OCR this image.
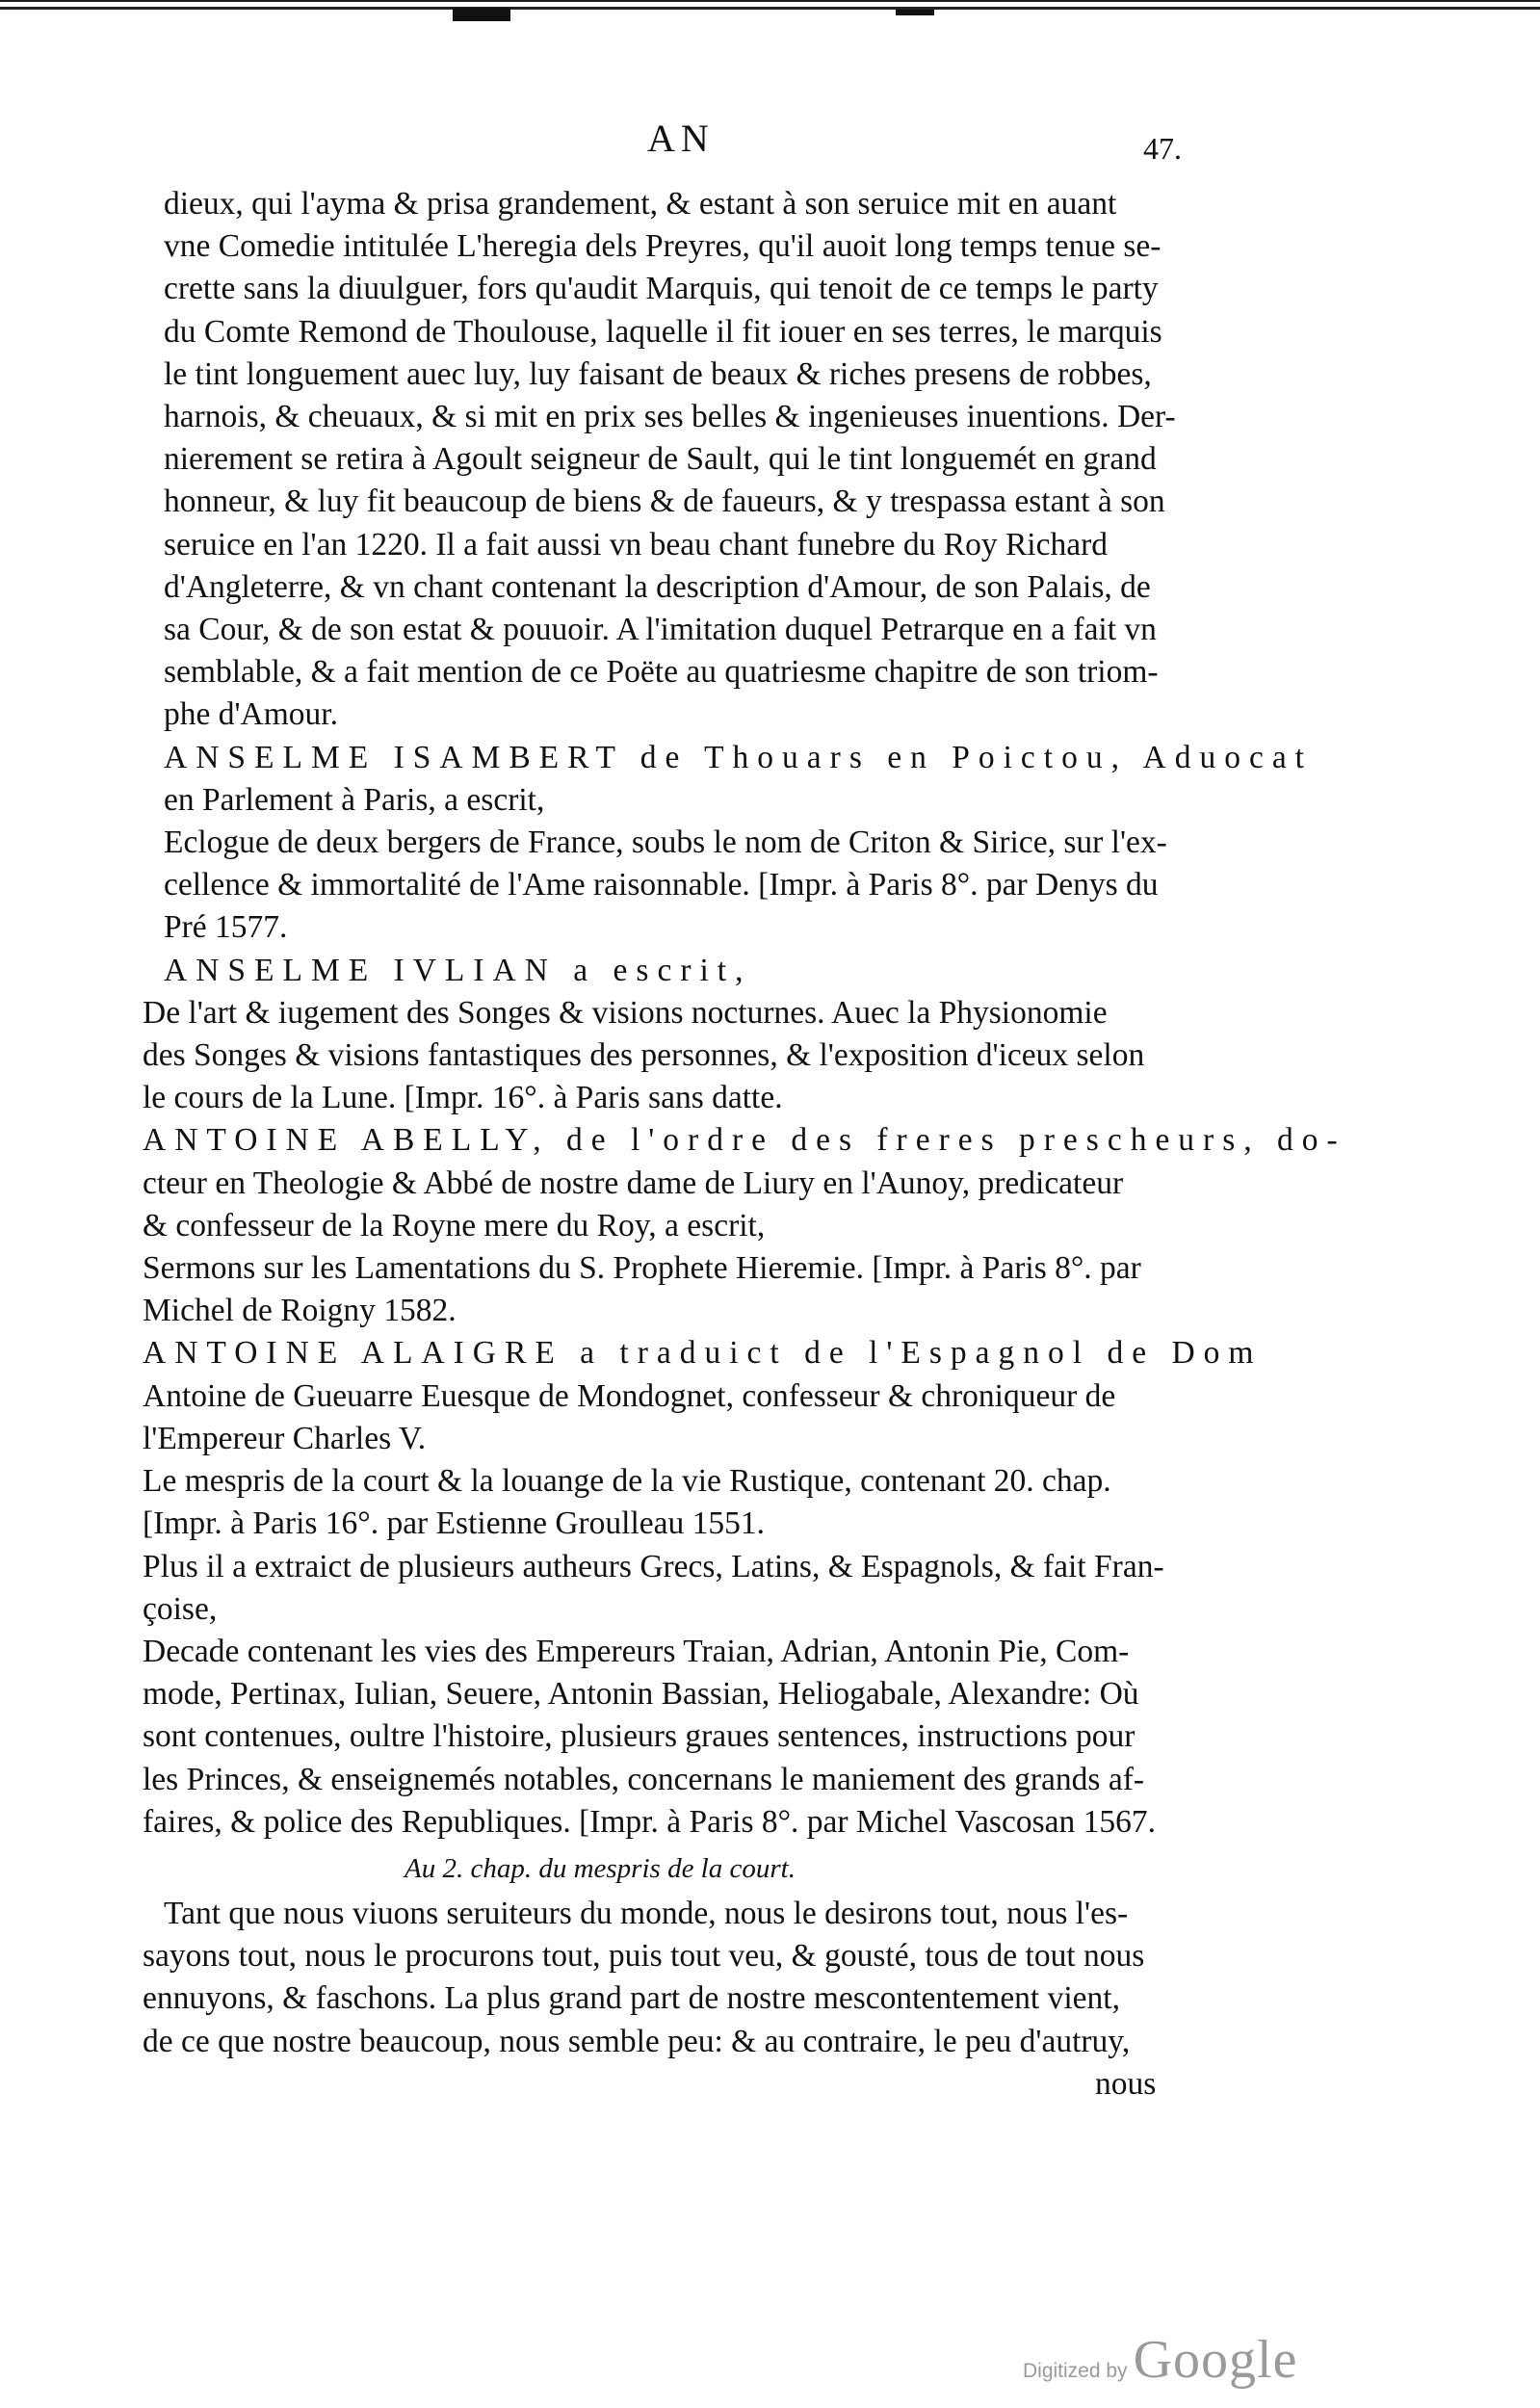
AN	47.

dieux, qui l'ayma & prisa grandement, & estant à son seruice mit en auant

vne Comedie intitulée L'heregia dels Preyres, qu'il auoit long temps tenue se-

crette sans la diuulguer, fors qu'audit Marquis, qui tenoit de ce temps le party

du Comte Remond de Thoulouse, laquelle il fit iouer en ses terres, le marquis

le tint longuement auec luy, luy faisant de beaux & riches presens de robbes,

harnois, & cheuaux, & si mit en prix ses belles & ingenieuses inuentions. Der-

nierement se retira à Agoult seigneur de Sault, qui le tint longuemét en grand

honneur, & luy fit beaucoup de biens & de faueurs, & y trespassa estant à son

seruice en l'an 1220. Il a fait aussi vn beau chant funebre du Roy Richard

d'Angleterre, & vn chant contenant la description d'Amour, de son Palais, de

sa Cour, & de son estat & pouuoir. A l'imitation duquel Petrarque en a fait vn

semblable, & a fait mention de ce Poëte au quatriesme chapitre de son triom-

phe d'Amour.

ANSELME ISAMBERT de Thouars en Poictou, Aduocat

en Parlement à Paris, a escrit,

Eclogue de deux bergers de France, soubs le nom de Criton & Sirice, sur l'ex-

cellence & immortalité de l'Ame raisonnable. [Impr. à Paris 8°. par Denys du

Pré 1577.

ANSELME IVLIAN a escrit,

De l'art & iugement des Songes & visions nocturnes. Auec la Physionomie

des Songes & visions fantastiques des personnes, & l'exposition d'iceux selon

le cours de la Lune. [Impr. 16°. à Paris sans datte.

ANTOINE ABELLY, de l'ordre des freres prescheurs, do-

cteur en Theologie & Abbé de nostre dame de Liury en l'Aunoy, predicateur

& confesseur de la Royne mere du Roy, a escrit,

Sermons sur les Lamentations du S. Prophete Hieremie. [Impr. à Paris 8°. par

Michel de Roigny 1582.

ANTOINE ALAIGRE a traduict de l'Espagnol de Dom

Antoine de Gueuarre Euesque de Mondognet, confesseur & chroniqueur de

l'Empereur Charles V.

Le mespris de la court & la louange de la vie Rustique, contenant 20. chap.

[Impr. à Paris 16°. par Estienne Groulleau 1551.

Plus il a extraict de plusieurs autheurs Grecs, Latins, & Espagnols, & fait Fran-

çoise,

Decade contenant les vies des Empereurs Traian, Adrian, Antonin Pie, Com-

mode, Pertinax, Iulian, Seuere, Antonin Bassian, Heliogabale, Alexandre: Où

sont contenues, oultre l'histoire, plusieurs graues sentences, instructions pour

les Princes, & enseignemés notables, concernans le maniement des grands af-

faires, & police des Republiques. [Impr. à Paris 8°. par Michel Vascosan 1567.

Au 2. chap. du mespris de la court.

Tant que nous viuons seruiteurs du monde, nous le desirons tout, nous l'es-

sayons tout, nous le procurons tout, puis tout veu, & gousté, tous de tout nous

ennuyons, & faschons. La plus grand part de nostre mescontentement vient,

de ce que nostre beaucoup, nous semble peu: & au contraire, le peu d'autruy,

nous

Digitized by Google
